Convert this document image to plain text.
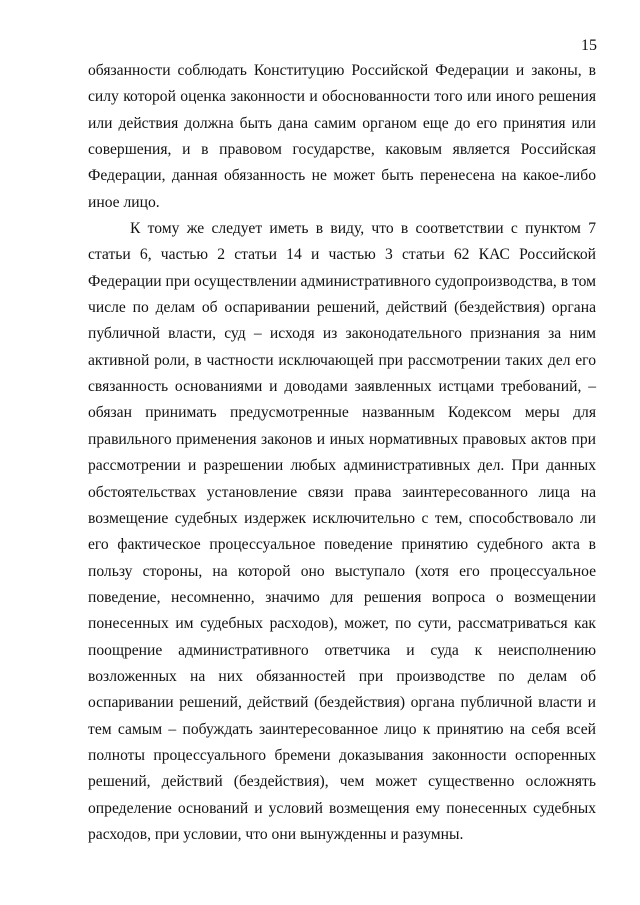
15

обязанности соблюдать Конституцию Российской Федерации и законы, в силу которой оценка законности и обоснованности того или иного решения или действия должна быть дана самим органом еще до его принятия или совершения, и в правовом государстве, каковым является Российская Федерации, данная обязанность не может быть перенесена на какое-либо иное лицо.

К тому же следует иметь в виду, что в соответствии с пунктом 7 статьи 6, частью 2 статьи 14 и частью 3 статьи 62 КАС Российской Федерации при осуществлении административного судопроизводства, в том числе по делам об оспаривании решений, действий (бездействия) органа публичной власти, суд – исходя из законодательного признания за ним активной роли, в частности исключающей при рассмотрении таких дел его связанность основаниями и доводами заявленных истцами требований, – обязан принимать предусмотренные названным Кодексом меры для правильного применения законов и иных нормативных правовых актов при рассмотрении и разрешении любых административных дел. При данных обстоятельствах установление связи права заинтересованного лица на возмещение судебных издержек исключительно с тем, способствовало ли его фактическое процессуальное поведение принятию судебного акта в пользу стороны, на которой оно выступало (хотя его процессуальное поведение, несомненно, значимо для решения вопроса о возмещении понесенных им судебных расходов), может, по сути, рассматриваться как поощрение административного ответчика и суда к неисполнению возложенных на них обязанностей при производстве по делам об оспаривании решений, действий (бездействия) органа публичной власти и тем самым – побуждать заинтересованное лицо к принятию на себя всей полноты процессуального бремени доказывания законности оспоренных решений, действий (бездействия), чем может существенно осложнять определение оснований и условий возмещения ему понесенных судебных расходов, при условии, что они вынужденны и разумны.
